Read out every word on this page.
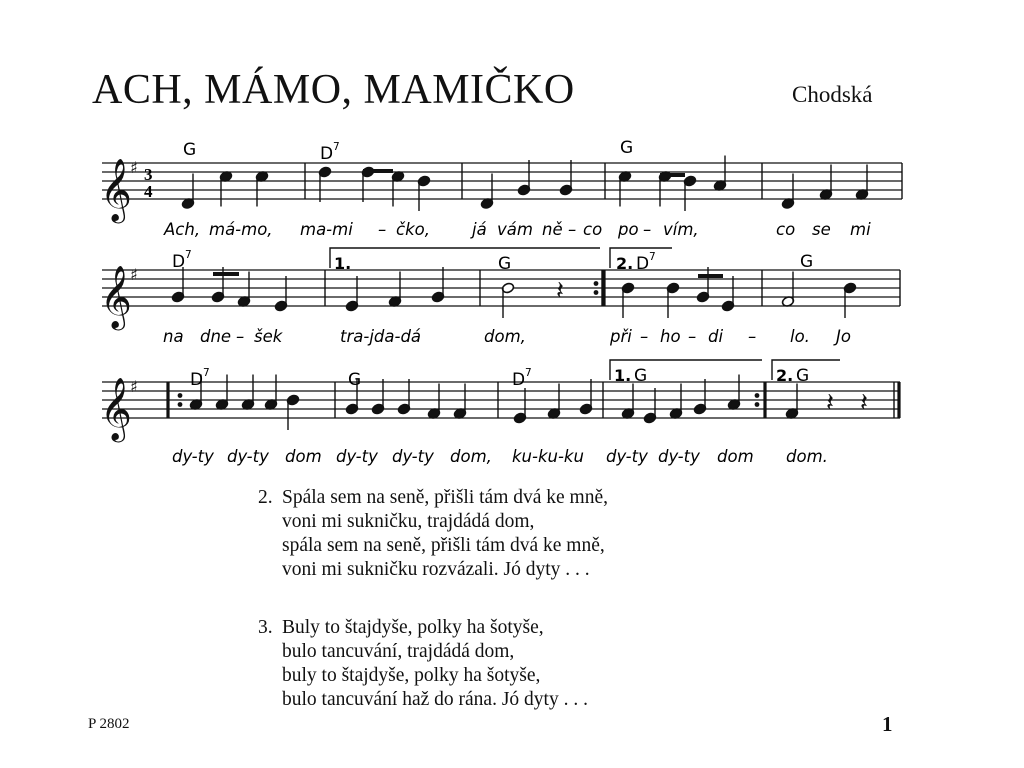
ACH, MÁMO, MAMIČKO	Chodská
𝄞
♯
𝄞
♯
𝄞
♯
𝄽
𝄽 𝄽
G	D 7	G
D 7	G	D 7	G
D 7	G	D 7	G	G
1.	2.
1.	2.
3
4
Ach, má-mo, ma-mi – čko,	já vám ně – co po – vím,	co se mi
na dne – šek	tra-jda-dá	dom,	při – ho – di – lo. Jo
dy-ty dy-ty dom dy-ty dy-ty dom, ku-ku-ku dy-ty dy-ty dom dom.
2. Spála sem na seně, přišli tám dvá ke mně,
voni mi sukničku, trajdádá dom,
spála sem na seně, přišli tám dvá ke mně,
voni mi sukničku rozvázali. Jó dyty . . .
3. Buly to štajdyše, polky ha šotyše,
bulo tancuvání, trajdádá dom,
buly to štajdyše, polky ha šotyše,
bulo tancuvání haž do rána. Jó dyty . . .
P 2802	1
